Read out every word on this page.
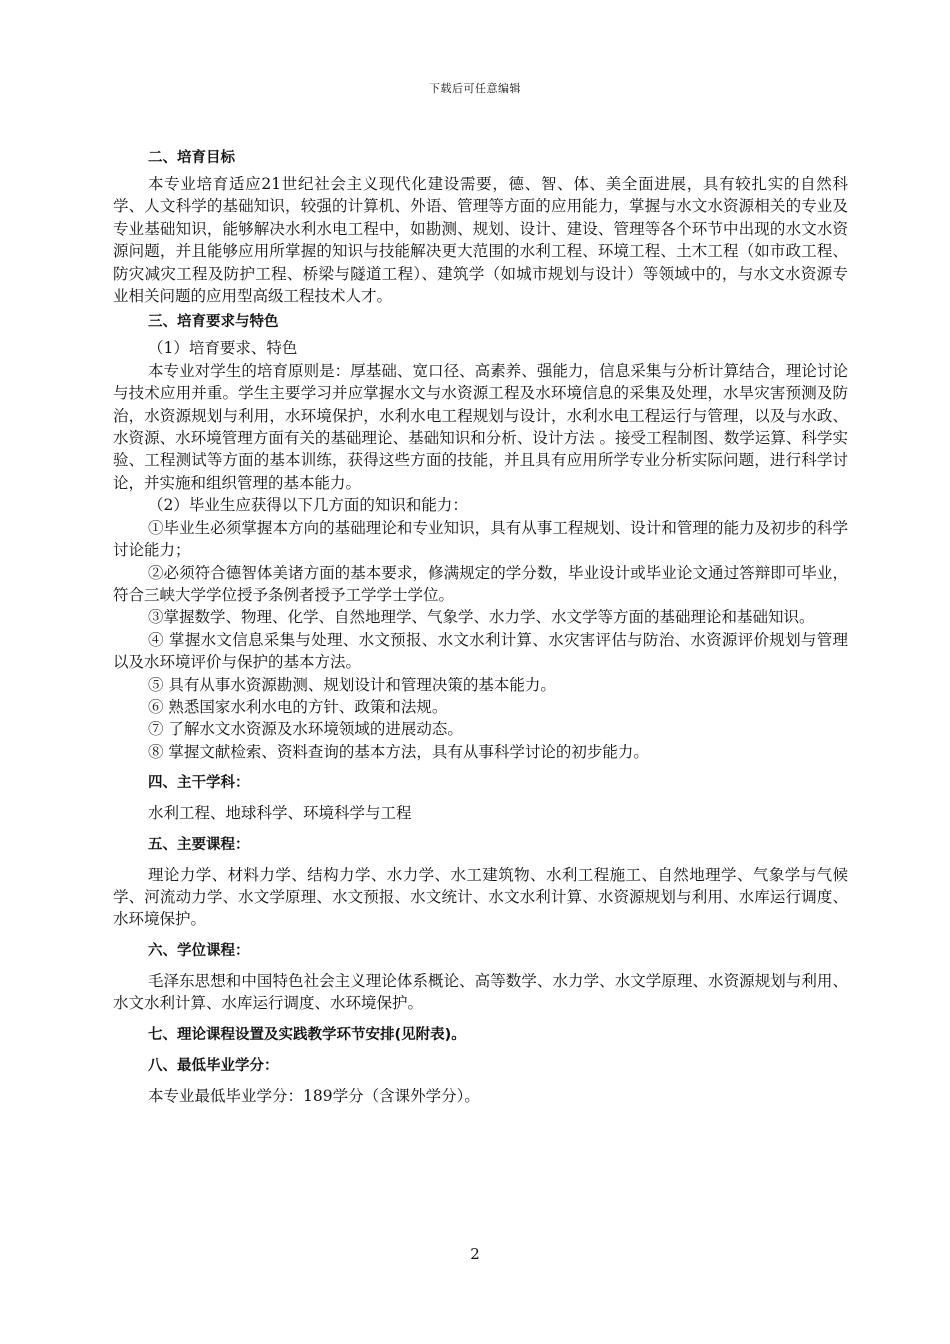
下载后可任意编辑
二、培育目标

本专业培育适应21世纪社会主义现代化建设需要，德、智、体、美全面进展，具有较扎实的自然科学、人文科学的基础知识，较强的计算机、外语、管理等方面的应用能力，掌握与水文水资源相关的专业及专业基础知识，能够解决水利水电工程中，如勘测、规划、设计、建设、管理等各个环节中出现的水文水资源问题，并且能够应用所掌握的知识与技能解决更大范围的水利工程、环境工程、土木工程（如市政工程、防灾减灾工程及防护工程、桥梁与隧道工程）、建筑学（如城市规划与设计）等领域中的，与水文水资源专业相关问题的应用型高级工程技术人才。

三、培育要求与特色

（1）培育要求、特色

本专业对学生的培育原则是：厚基础、宽口径、高素养、强能力，信息采集与分析计算结合，理论讨论与技术应用并重。学生主要学习并应掌握水文与水资源工程及水环境信息的采集及处理，水旱灾害预测及防治，水资源规划与利用，水环境保护，水利水电工程规划与设计，水利水电工程运行与管理，以及与水政、水资源、水环境管理方面有关的基础理论、基础知识和分析、设计方法 。接受工程制图、数学运算、科学实验、工程测试等方面的基本训练，获得这些方面的技能，并且具有应用所学专业分析实际问题，进行科学讨论，并实施和组织管理的基本能力。

（2）毕业生应获得以下几方面的知识和能力：

①毕业生必须掌握本方向的基础理论和专业知识，具有从事工程规划、设计和管理的能力及初步的科学讨论能力；

②必须符合德智体美诸方面的基本要求，修满规定的学分数，毕业设计或毕业论文通过答辩即可毕业，符合三峡大学学位授予条例者授予工学学士学位。

③掌握数学、物理、化学、自然地理学、气象学、水力学、水文学等方面的基础理论和基础知识。

④ 掌握水文信息采集与处理、水文预报、水文水利计算、水灾害评估与防治、水资源评价规划与管理以及水环境评价与保护的基本方法。

⑤ 具有从事水资源勘测、规划设计和管理决策的基本能力。

⑥ 熟悉国家水利水电的方针、政策和法规。

⑦ 了解水文水资源及水环境领域的进展动态。

⑧ 掌握文献检索、资料查询的基本方法，具有从事科学讨论的初步能力。

四、主干学科：

水利工程、地球科学、环境科学与工程

五、主要课程：

理论力学、材料力学、结构力学、水力学、水工建筑物、水利工程施工、自然地理学、气象学与气候学、河流动力学、水文学原理、水文预报、水文统计、水文水利计算、水资源规划与利用、水库运行调度、水环境保护。

六、学位课程：

毛泽东思想和中国特色社会主义理论体系概论、高等数学、水力学、水文学原理、水资源规划与利用、水文水利计算、水库运行调度、水环境保护。

七、理论课程设置及实践教学环节安排(见附表)。
八、最低毕业学分：

本专业最低毕业学分：189学分（含课外学分）。

2
